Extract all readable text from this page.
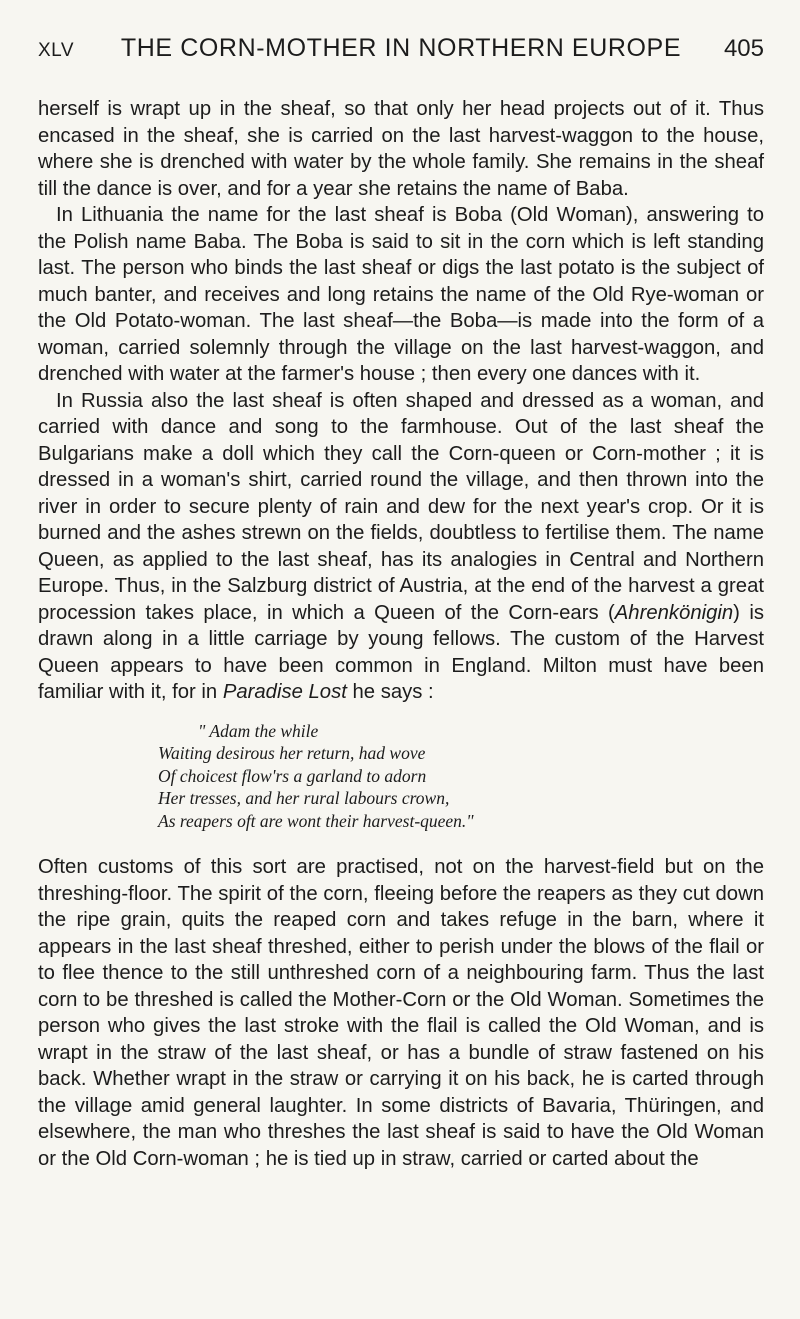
XLV	THE CORN-MOTHER IN NORTHERN EUROPE	405

herself is wrapt up in the sheaf, so that only her head projects out of it. Thus encased in the sheaf, she is carried on the last harvest-waggon to the house, where she is drenched with water by the whole family. She remains in the sheaf till the dance is over, and for a year she retains the name of Baba.

In Lithuania the name for the last sheaf is Boba (Old Woman), answering to the Polish name Baba. The Boba is said to sit in the corn which is left standing last. The person who binds the last sheaf or digs the last potato is the subject of much banter, and receives and long retains the name of the Old Rye-woman or the Old Potato-woman. The last sheaf—the Boba—is made into the form of a woman, carried solemnly through the village on the last harvest-waggon, and drenched with water at the farmer's house ; then every one dances with it.

In Russia also the last sheaf is often shaped and dressed as a woman, and carried with dance and song to the farmhouse. Out of the last sheaf the Bulgarians make a doll which they call the Corn-queen or Corn-mother ; it is dressed in a woman's shirt, carried round the village, and then thrown into the river in order to secure plenty of rain and dew for the next year's crop. Or it is burned and the ashes strewn on the fields, doubtless to fertilise them. The name Queen, as applied to the last sheaf, has its analogies in Central and Northern Europe. Thus, in the Salzburg district of Austria, at the end of the harvest a great procession takes place, in which a Queen of the Corn-ears (Ahrenkönigin) is drawn along in a little carriage by young fellows. The custom of the Harvest Queen appears to have been common in England. Milton must have been familiar with it, for in Paradise Lost he says :

" Adam the while
Waiting desirous her return, had wove
Of choicest flow'rs a garland to adorn
Her tresses, and her rural labours crown,
As reapers oft are wont their harvest-queen."

Often customs of this sort are practised, not on the harvest-field but on the threshing-floor. The spirit of the corn, fleeing before the reapers as they cut down the ripe grain, quits the reaped corn and takes refuge in the barn, where it appears in the last sheaf threshed, either to perish under the blows of the flail or to flee thence to the still unthreshed corn of a neighbouring farm. Thus the last corn to be threshed is called the Mother-Corn or the Old Woman. Sometimes the person who gives the last stroke with the flail is called the Old Woman, and is wrapt in the straw of the last sheaf, or has a bundle of straw fastened on his back. Whether wrapt in the straw or carrying it on his back, he is carted through the village amid general laughter. In some districts of Bavaria, Thüringen, and elsewhere, the man who threshes the last sheaf is said to have the Old Woman or the Old Corn-woman ; he is tied up in straw, carried or carted about the
